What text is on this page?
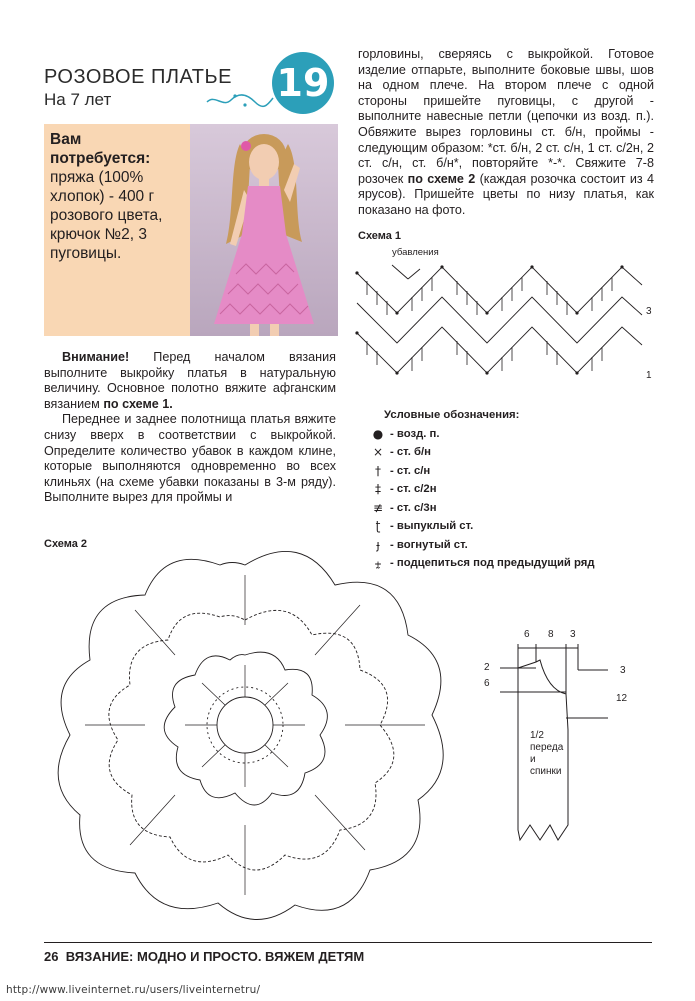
РОЗОВОЕ ПЛАТЬЕ
На 7 лет	19
Вам потребуется:
пряжа (100% хлопок) - 400 г розового цвета, крючок №2, 3 пуговицы.

Внимание! Перед началом вязания выполните выкройку платья в натуральную величину. Основное полотно вяжите афганским вязанием по схеме 1.

Переднее и заднее полотнища платья вяжите снизу вверх в соответствии с выкройкой. Определите количество убавок в каждом клине, которые выполняются одновременно во всех клиньях (на схеме убавки показаны в 3-м ряду). Выполните вырез для проймы и

горловины, сверяясь с выкройкой. Готовое изделие отпарьте, выполните боковые швы, шов на одном плече. На втором плече с одной стороны пришейте пуговицы, с другой - выполните навесные петли (цепочки из возд. п.). Обвяжите вырез горловины ст. б/н, проймы - следующим образом: *ст. б/н, 2 ст. с/н, 1 ст. с/2н, 2 ст. с/н, ст. б/н*, повторяйте *-*. Свяжите 7-8 розочек по схеме 2 (каждая розочка состоит из 4 ярусов). Пришейте цветы по низу платья, как показано на фото.
Схема 1
убавления
3
1
Условные обозначения:
● - возд. п.
× - ст. б/н
† - ст. с/н
‡ - ст. с/2н
≢ - ст. с/3н
ʈ - выпуклый ст.
ɟ - вогнутый ст.
⨦ - подцепиться под предыдущий ряд
Схема 2
6 8 3
2
6
3
12
1/2
переда
и
спинки
26 ВЯЗАНИЕ: МОДНО И ПРОСТО. ВЯЖЕМ ДЕТЯМ
http://www.liveinternet.ru/users/liveinternetru/
